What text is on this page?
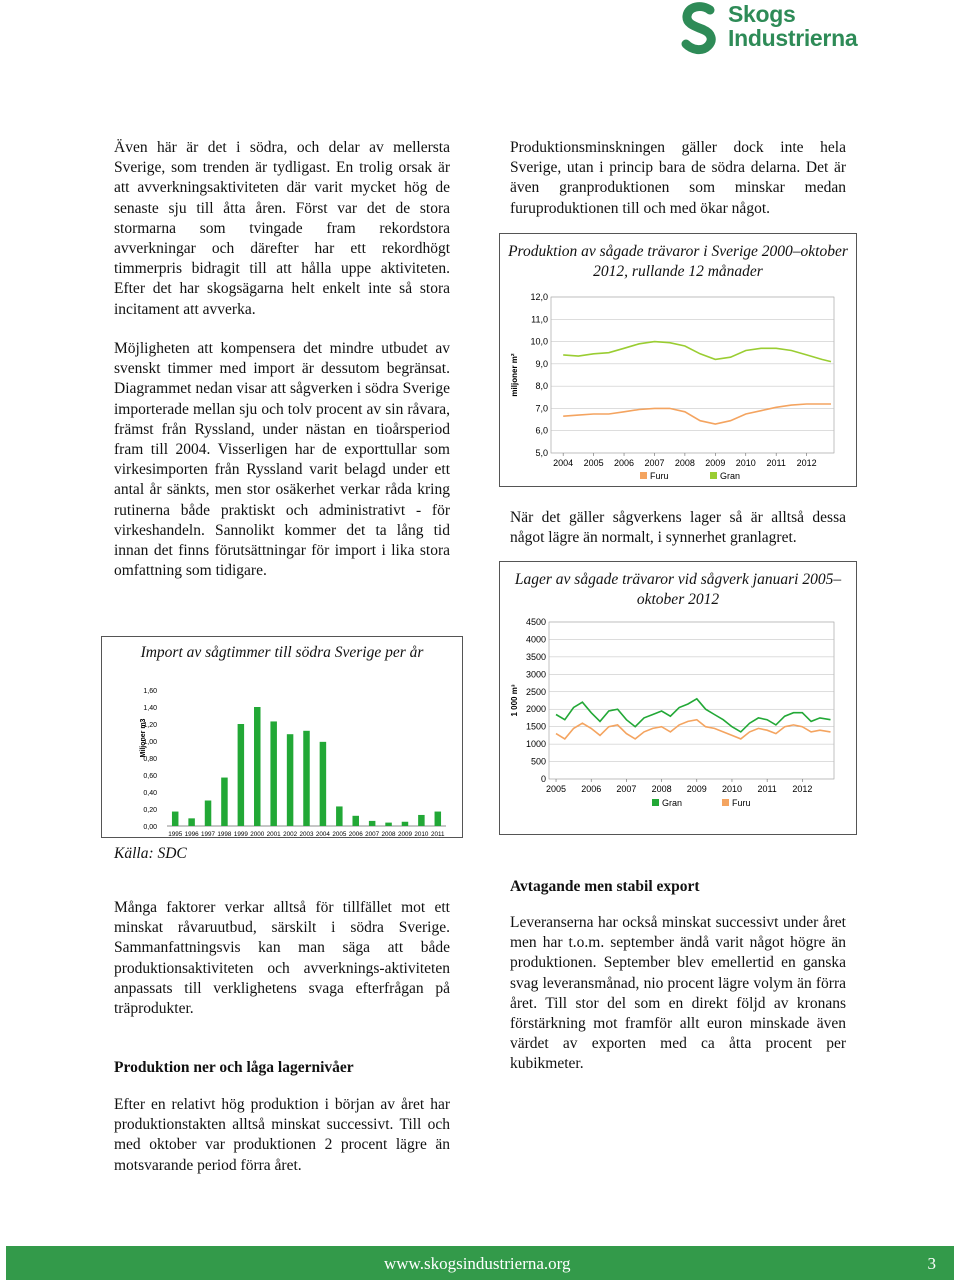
Skogs
Industrierna

Även här är det i södra, och delar av mellersta Sverige, som trenden är tydligast. En trolig orsak är att avverkningsaktiviteten där varit mycket hög de senaste sju till åtta åren. Först var det de stora stormarna som tvingade fram rekordstora avverkningar och därefter har ett rekordhögt timmerpris bidragit till att hålla uppe aktiviteten. Efter det har skogsägarna helt enkelt inte så stora incitament att avverka.

Möjligheten att kompensera det mindre utbudet av svenskt timmer med import är dessutom begränsat. Diagrammet nedan visar att sågverken i södra Sverige importerade mellan sju och tolv procent av sin råvara, främst från Ryssland, under nästan en tioårsperiod fram till 2004. Visserligen har de exporttullar som virkesimporten från Ryssland varit belagd under ett antal år sänkts, men stor osäkerhet verkar råda kring rutinerna både praktiskt och administrativt - för virkeshandeln. Sannolikt kommer det ta lång tid innan det finns förutsättningar för import i lika stora omfattning som tidigare.

Import av sågtimmer till södra Sverige per år

Miljoner m3
0,00
0,20
0,40
0,60
0,80
1,00
1,20
1,40
1,60
1995 1996 1997 1998 1999 2000 2001 2002 2003 2004 2005 2006 2007 2008 2009 2010 2011

Källa: SDC

Många faktorer verkar alltså för tillfället mot ett minskat råvaruutbud, särskilt i södra Sverige. Sammanfattningsvis kan man säga att både produktionsaktiviteten och avverknings-aktiviteten anpassats till verklighetens svaga efterfrågan på träprodukter.

Produktion ner och låga lagernivåer

Efter en relativt hög produktion i början av året har produktionstakten alltså minskat successivt. Till och med oktober var produktionen 2 procent lägre än motsvarande period förra året.

Produktionsminskningen gäller dock inte hela Sverige, utan i princip bara de södra delarna. Det är även granproduktionen som minskar medan furuproduktionen till och med ökar något.

Produktion av sågade trävaror i Sverige 2000–oktober 2012, rullande 12 månader

5,0
6,0
7,0
8,0
9,0
10,0
11,0
12,0
2004 2005 2006 2007 2008 2009 2010 2011 2012
miljoner m²
Furu	Gran

När det gäller sågverkens lager så är alltså dessa något lägre än normalt, i synnerhet granlagret.

Lager av sågade trävaror vid sågverk januari 2005–oktober 2012

0
500
1000
1500
2000
2500
3000
3500
4000
4500
2005 2006 2007 2008 2009 2010 2011 2012
1 000 m³
Gran	Furu

Avtagande men stabil export

Leveranserna har också minskat successivt under året men har t.o.m. september ändå varit något högre än produktionen. September blev emellertid en ganska svag leveransmånad, nio procent lägre volym än förra året. Till stor del som en direkt följd av kronans förstärkning mot framför allt euron minskade även värdet av exporten med ca åtta procent per kubikmeter.

www.skogsindustrierna.org	3
